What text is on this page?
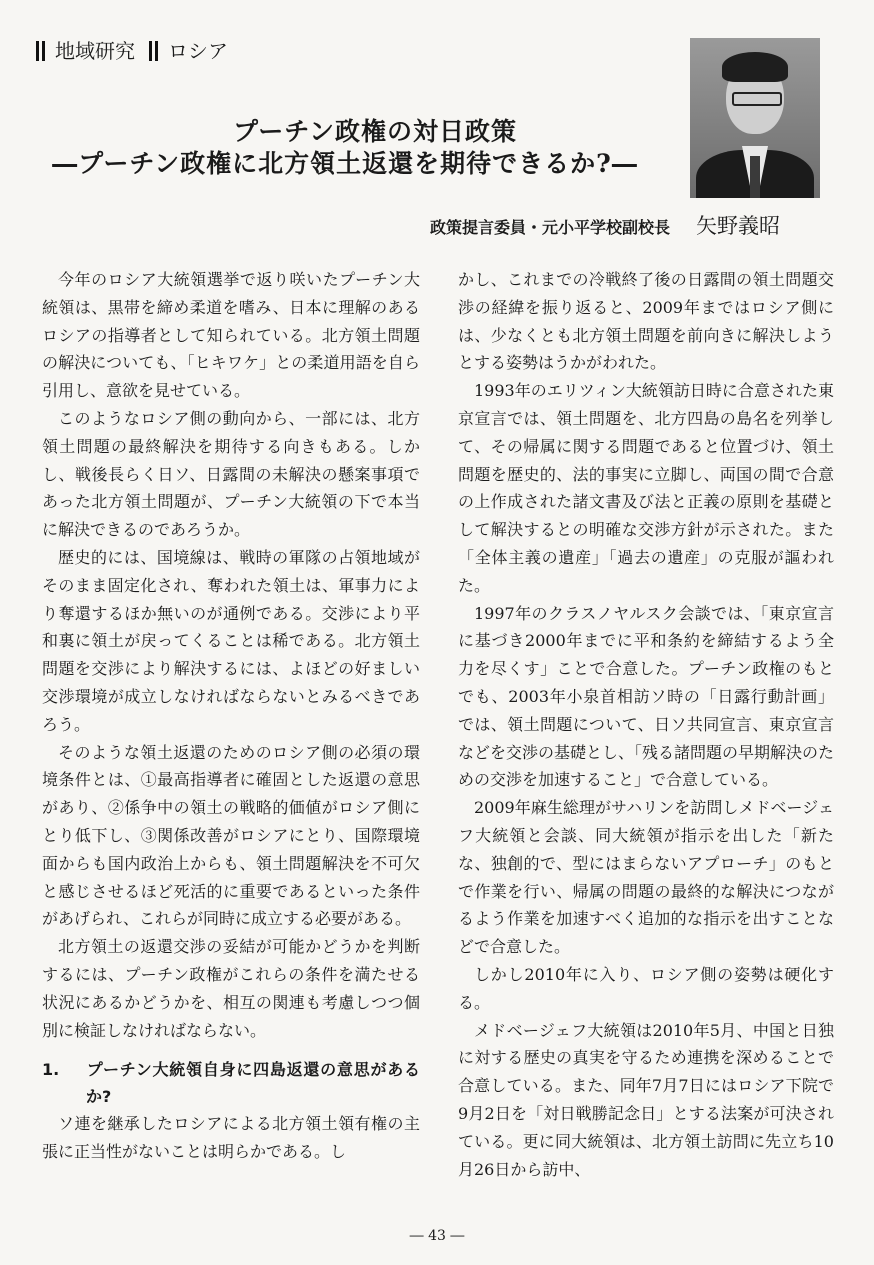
地域研究 ロシア
プーチン政権の対日政策
―プーチン政権に北方領土返還を期待できるか?―
政策提言委員・元小平学校副校長 矢野義昭

今年のロシア大統領選挙で返り咲いたプーチン大統領は、黒帯を締め柔道を嗜み、日本に理解のあるロシアの指導者として知られている。北方領土問題の解決についても、「ヒキワケ」との柔道用語を自ら引用し、意欲を見せている。

このようなロシア側の動向から、一部には、北方領土問題の最終解決を期待する向きもある。しかし、戦後長らく日ソ、日露間の未解決の懸案事項であった北方領土問題が、プーチン大統領の下で本当に解決できるのであろうか。

歴史的には、国境線は、戦時の軍隊の占領地域がそのまま固定化され、奪われた領土は、軍事力により奪還するほか無いのが通例である。交渉により平和裏に領土が戻ってくることは稀である。北方領土問題を交渉により解決するには、よほどの好ましい交渉環境が成立しなければならないとみるべきであろう。

そのような領土返還のためのロシア側の必須の環境条件とは、①最高指導者に確固とした返還の意思があり、②係争中の領土の戦略的価値がロシア側にとり低下し、③関係改善がロシアにとり、国際環境面からも国内政治上からも、領土問題解決を不可欠と感じさせるほど死活的に重要であるといった条件があげられ、これらが同時に成立する必要がある。

北方領土の返還交渉の妥結が可能かどうかを判断するには、プーチン政権がこれらの条件を満たせる状況にあるかどうかを、相互の関連も考慮しつつ個別に検証しなければならない。

1. プーチン大統領自身に四島返還の意思があるか?

ソ連を継承したロシアによる北方領土領有権の主張に正当性がないことは明らかである。し

かし、これまでの冷戦終了後の日露間の領土問題交渉の経緯を振り返ると、2009年まではロシア側には、少なくとも北方領土問題を前向きに解決しようとする姿勢はうかがわれた。

1993年のエリツィン大統領訪日時に合意された東京宣言では、領土問題を、北方四島の島名を列挙して、その帰属に関する問題であると位置づけ、領土問題を歴史的、法的事実に立脚し、両国の間で合意の上作成された諸文書及び法と正義の原則を基礎として解決するとの明確な交渉方針が示された。また「全体主義の遺産」「過去の遺産」の克服が謳われた。

1997年のクラスノヤルスク会談では、「東京宣言に基づき2000年までに平和条約を締結するよう全力を尽くす」ことで合意した。プーチン政権のもとでも、2003年小泉首相訪ソ時の「日露行動計画」では、領土問題について、日ソ共同宣言、東京宣言などを交渉の基礎とし、「残る諸問題の早期解決のための交渉を加速すること」で合意している。

2009年麻生総理がサハリンを訪問しメドベージェフ大統領と会談、同大統領が指示を出した「新たな、独創的で、型にはまらないアプローチ」のもとで作業を行い、帰属の問題の最終的な解決につながるよう作業を加速すべく追加的な指示を出すことなどで合意した。

しかし2010年に入り、ロシア側の姿勢は硬化する。

メドベージェフ大統領は2010年5月、中国と日独に対する歴史の真実を守るため連携を深めることで合意している。また、同年7月7日にはロシア下院で9月2日を「対日戦勝記念日」とする法案が可決されている。更に同大統領は、北方領土訪問に先立ち10月26日から訪中、

― 43 ―
